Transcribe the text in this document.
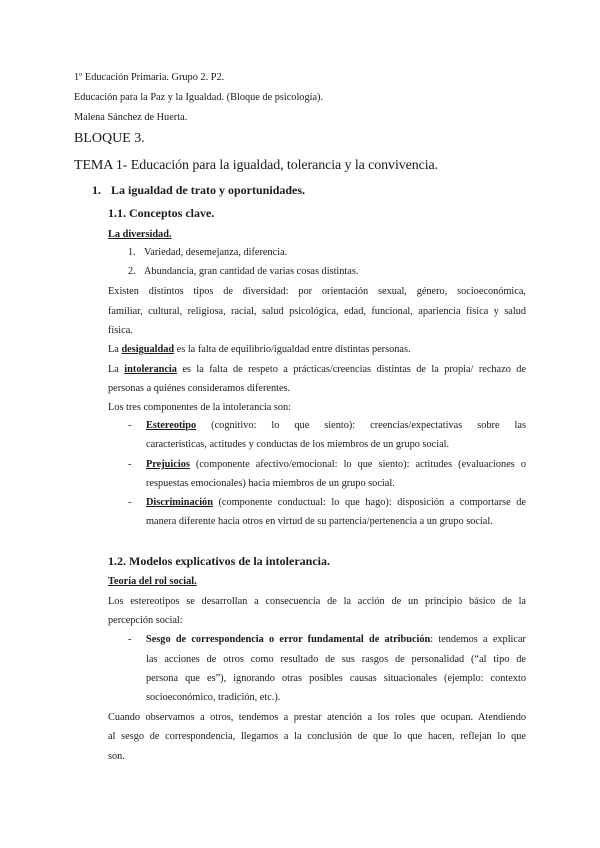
1º Educación Primaria. Grupo 2. P2.
Educación para la Paz y la Igualdad. (Bloque de psicología).
Malena Sánchez de Huerta.
BLOQUE 3.
TEMA 1- Educación para la igualdad, tolerancia y la convivencia.
1. La igualdad de trato y oportunidades.
1.1. Conceptos clave.
La diversidad.
1. Variedad, desemejanza, diferencia.
2. Abundancia, gran cantidad de varias cosas distintas.
Existen distintos tipos de diversidad: por orientación sexual, género, socioeconómica,
familiar, cultural, religiosa, racial, salud psicológica, edad, funcional, apariencia física y salud
física.
La desigualdad es la falta de equilibrio/igualdad entre distintas personas.
La intolerancia es la falta de respeto a prácticas/creencias distintas de la propia/ rechazo de
personas a quiénes consideramos diferentes.
Los tres componentes de la intolerancia son:
- Estereotipo (cognitivo: lo que siento): creencias/expectativas sobre las
características, actitudes y conductas de los miembros de un grupo social.
- Prejuicios (componente afectivo/emocional: lo que siento): actitudes (evaluaciones o
respuestas emocionales) hacia miembros de un grupo social.
- Discriminación (componente conductual: lo que hago): disposición a comportarse de
manera diferente hacia otros en virtud de su partencia/pertenencia a un grupo social.
1.2. Modelos explicativos de la intolerancia.
Teoría del rol social.
Los estereotipos se desarrollan a consecuencia de la acción de un principio básico de la
percepción social:
- Sesgo de correspondencia o error fundamental de atribución: tendemos a explicar
las acciones de otros como resultado de sus rasgos de personalidad (“al tipo de
persona que es”), ignorando otras posibles causas situacionales (ejemplo: contexto
socioeconómico, tradición, etc.).
Cuando observamos a otros, tendemos a prestar atención a los roles que ocupan. Atendiendo
al sesgo de correspondencia, llegamos a la conclusión de que lo que hacen, reflejan lo que
son.
